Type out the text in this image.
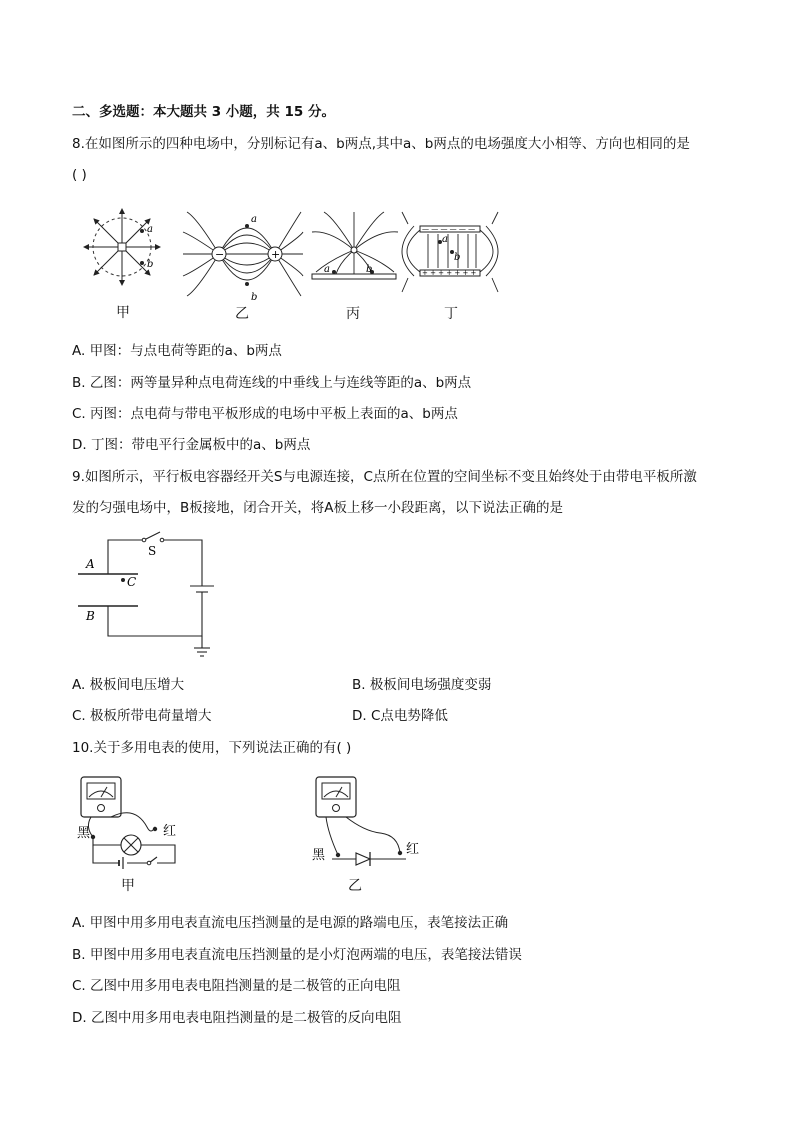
二、多选题：本大题共 3 小题，共 15 分。
8.在如图所示的四种电场中，分别标记有a、b两点,其中a、b两点的电场强度大小相等、方向也相同的是
( )
a
b
甲
−	+
a
b
乙
a	b
丙
— — — — — —
+ + + + + + +
a
b
丁
A. 甲图：与点电荷等距的a、b两点
B. 乙图：两等量异种点电荷连线的中垂线上与连线等距的a、b两点
C. 丙图：点电荷与带电平板形成的电场中平板上表面的a、b两点
D. 丁图：带电平行金属板中的a、b两点
9.如图所示，平行板电容器经开关S与电源连接，C点所在位置的空间坐标不变且始终处于由带电平板所激
发的匀强电场中，B板接地，闭合开关，将A板上移一小段距离，以下说法正确的是
S
A
B
C
A. 极板间电压增大	B. 极板间电场强度变弱
C. 极板所带电荷量增大	D. C点电势降低
10.关于多用电表的使用，下列说法正确的有( )
黑	红
甲
黑	红
乙
A. 甲图中用多用电表直流电压挡测量的是电源的路端电压，表笔接法正确
B. 甲图中用多用电表直流电压挡测量的是小灯泡两端的电压，表笔接法错误
C. 乙图中用多用电表电阻挡测量的是二极管的正向电阻
D. 乙图中用多用电表电阻挡测量的是二极管的反向电阻
